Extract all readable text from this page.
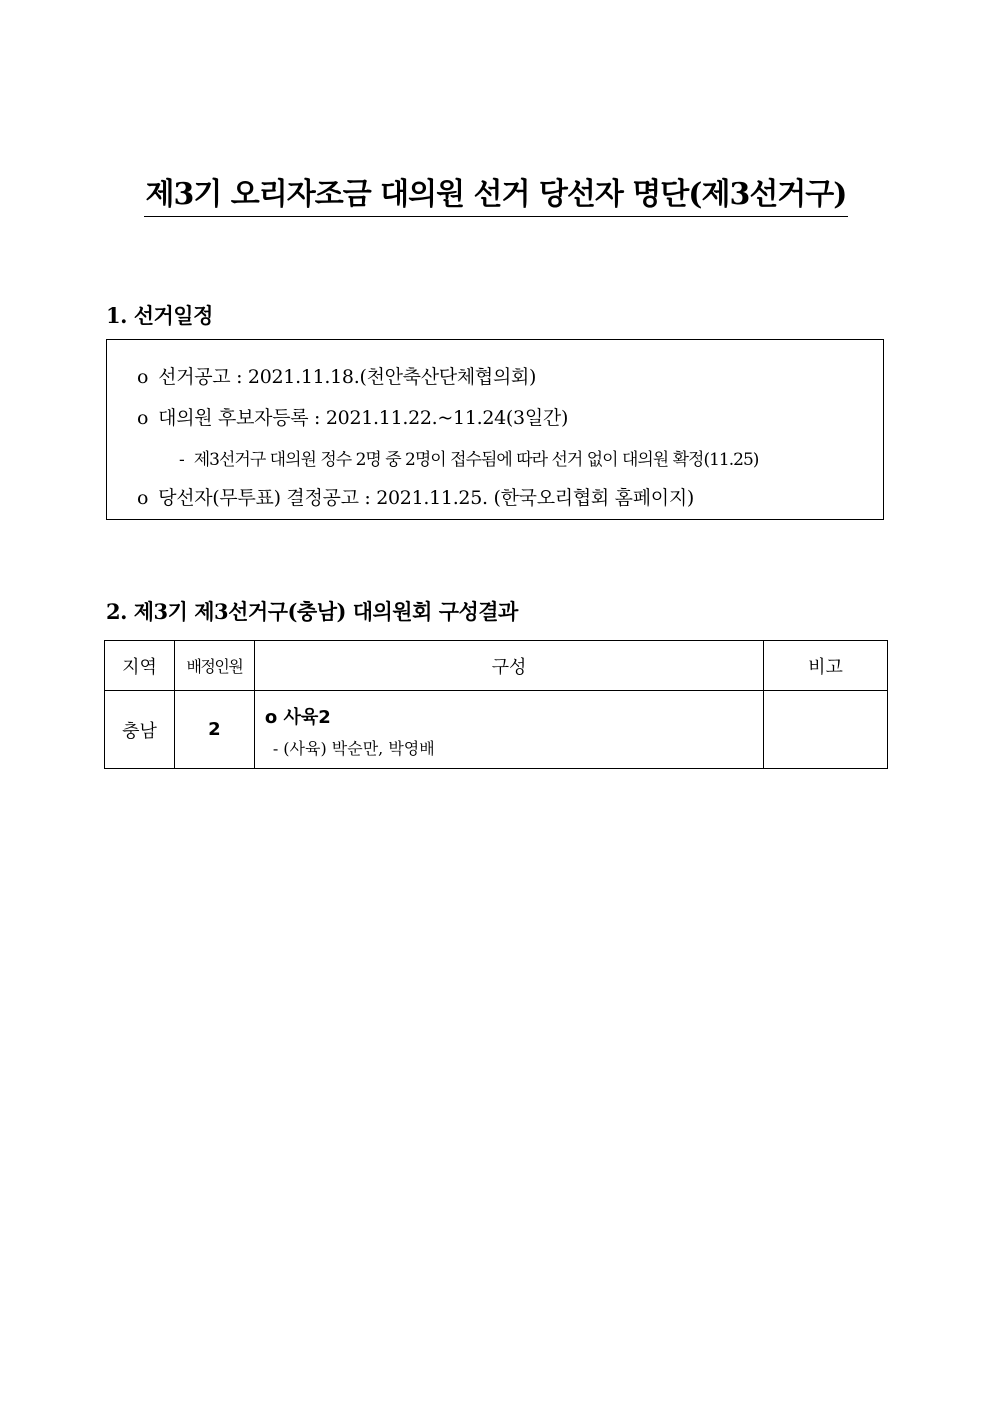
제3기 오리자조금 대의원 선거 당선자 명단(제3선거구)
1. 선거일정
o 선거공고 : 2021.11.18.(천안축산단체협의회)
o 대의원 후보자등록 : 2021.11.22.~11.24(3일간)
- 제3선거구 대의원 정수 2명 중 2명이 접수됨에 따라 선거 없이 대의원 확정(11.25)
o 당선자(무투표) 결정공고 : 2021.11.25. (한국오리협회 홈페이지)
2. 제3기 제3선거구(충남) 대의원회 구성결과
지역	배정인원	구성	비고
충남	2	o 사육2
- (사육) 박순만, 박영배	
